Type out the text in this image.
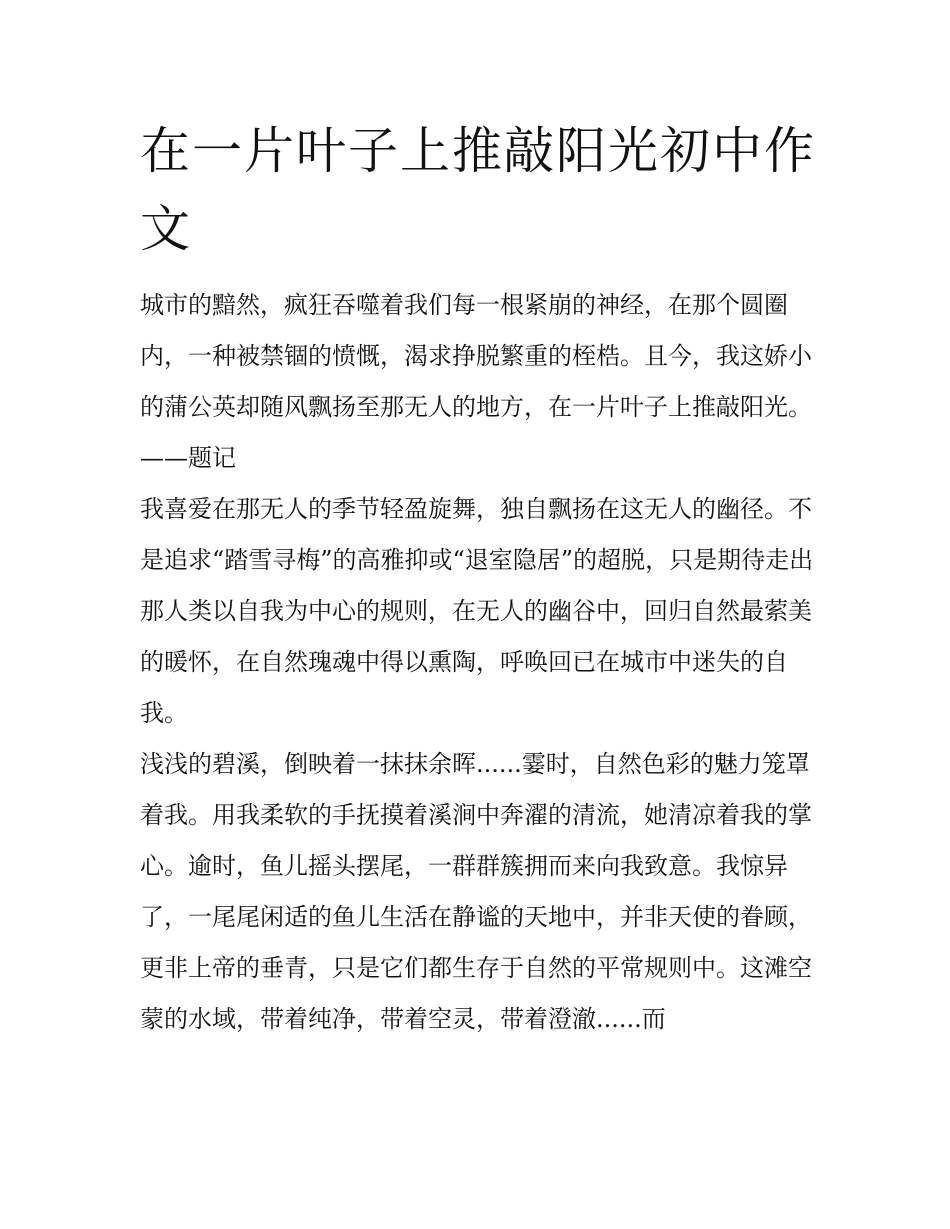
在一片叶子上推敲阳光初中作文

城市的黯然，疯狂吞噬着我们每一根紧崩的神经，在那个圆圈内，一种被禁锢的愤慨，渴求挣脱繁重的桎梏。且今，我这娇小的蒲公英却随风飘扬至那无人的地方，在一片叶子上推敲阳光。

——题记

我喜爱在那无人的季节轻盈旋舞，独自飘扬在这无人的幽径。不是追求“踏雪寻梅”的高雅抑或“退室隐居”的超脱，只是期待走出那人类以自我为中心的规则，在无人的幽谷中，回归自然最萦美的暖怀，在自然瑰魂中得以熏陶，呼唤回已在城市中迷失的自我。

浅浅的碧溪，倒映着一抹抹余晖......霎时，自然色彩的魅力笼罩着我。用我柔软的手抚摸着溪涧中奔濯的清流，她清凉着我的掌心。逾时，鱼儿摇头摆尾，一群群簇拥而来向我致意。我惊异了，一尾尾闲适的鱼儿生活在静谧的天地中，并非天使的眷顾，更非上帝的垂青，只是它们都生存于自然的平常规则中。这滩空蒙的水域，带着纯净，带着空灵，带着澄澈......而
